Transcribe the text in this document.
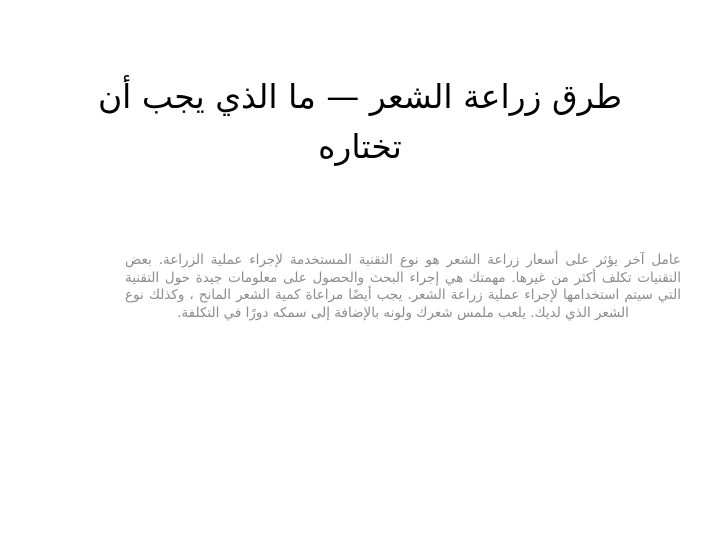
طرق زراعة الشعر — ما الذي يجب أن تختاره

عامل آخر يؤثر على أسعار زراعة الشعر هو نوع التقنية المستخدمة لإجراء عملية الزراعة. بعض التقنيات تكلف أكثر من غيرها. مهمتك هي إجراء البحث والحصول على معلومات جيدة حول التقنية التي سيتم استخدامها لإجراء عملية زراعة الشعر. يجب أيضًا مراعاة كمية الشعر المانح ، وكذلك نوع الشعر الذي لديك. يلعب ملمس شعرك ولونه بالإضافة إلى سمكه دورًا في التكلفة.
